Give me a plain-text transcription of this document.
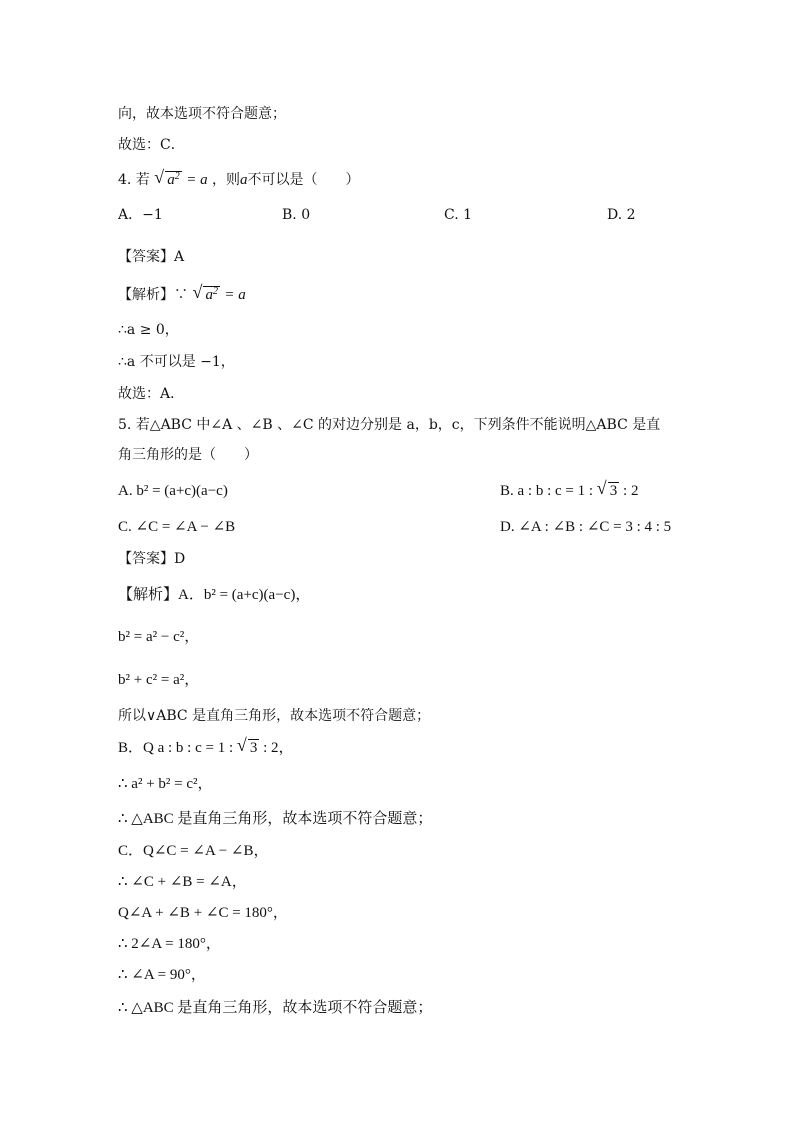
向，故本选项不符合题意；
故选：C．
4. 若 √ $a^2 = a$ ，则a不可以是（　　）
A．−1	B. 0	C. 1	D. 2
【答案】A
【解析】∵ √ $a^2 = a$
∴a ≥ 0，
∴a 不可以是 −1，
故选：A．
5. 若△ABC 中∠A 、∠B 、∠C 的对边分别是 a，b，c，下列条件不能说明△ABC 是直
角三角形的是（　　）
A. b² = (a+c)(a−c)	B. a : b : c = 1 : √ 3 : 2
C. ∠C = ∠A − ∠B	D. ∠A : ∠B : ∠C = 3 : 4 : 5
【答案】D
【解析】A．b² = (a+c)(a−c)，
b² = a² − c²，
b² + c² = a²，
所以∨ABC 是直角三角形，故本选项不符合题意；
B．Q a : b : c = 1 : √ 3 : 2，
∴ a² + b² = c²，
∴ △ABC 是直角三角形，故本选项不符合题意；
C．Q∠C = ∠A − ∠B，
∴ ∠C + ∠B = ∠A，
Q∠A + ∠B + ∠C = 180°，
∴ 2∠A = 180°，
∴ ∠A = 90°，
∴ △ABC 是直角三角形，故本选项不符合题意；
